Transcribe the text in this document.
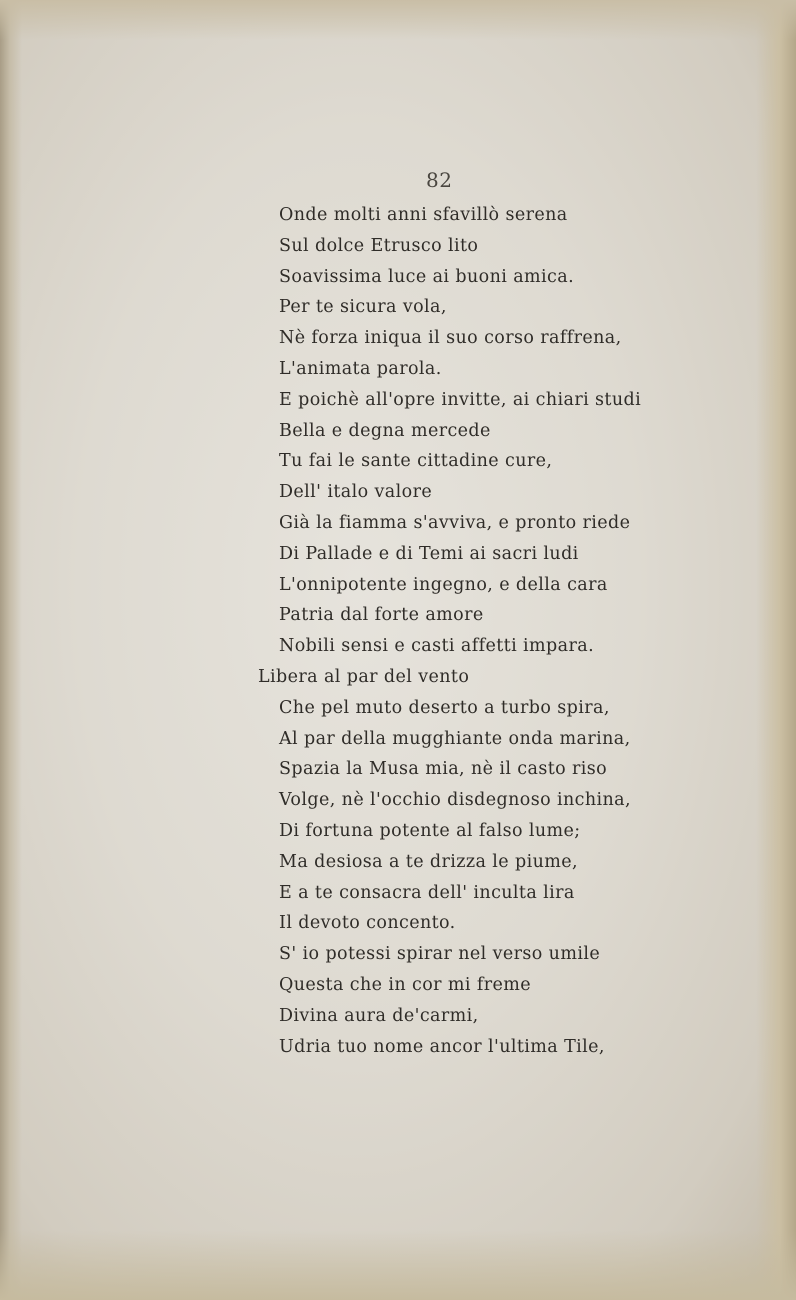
82
Onde molti anni sfavillò serena
Sul dolce Etrusco lito
Soavissima luce ai buoni amica.
Per te sicura vola,
Nè forza iniqua il suo corso raffrena,
L'animata parola.
E poichè all'opre invitte, ai chiari studi
Bella e degna mercede
Tu fai le sante cittadine cure,
Dell' italo valore
Già la fiamma s'avviva, e pronto riede
Di Pallade e di Temi ai sacri ludi
L'onnipotente ingegno, e della cara
Patria dal forte amore
Nobili sensi e casti affetti impara.
Libera al par del vento
Che pel muto deserto a turbo spira,
Al par della mugghiante onda marina,
Spazia la Musa mia, nè il casto riso
Volge, nè l'occhio disdegnoso inchina,
Di fortuna potente al falso lume;
Ma desiosa a te drizza le piume,
E a te consacra dell' inculta lira
Il devoto concento.
S' io potessi spirar nel verso umile
Questa che in cor mi freme
Divina aura de'carmi,
Udria tuo nome ancor l'ultima Tile,
